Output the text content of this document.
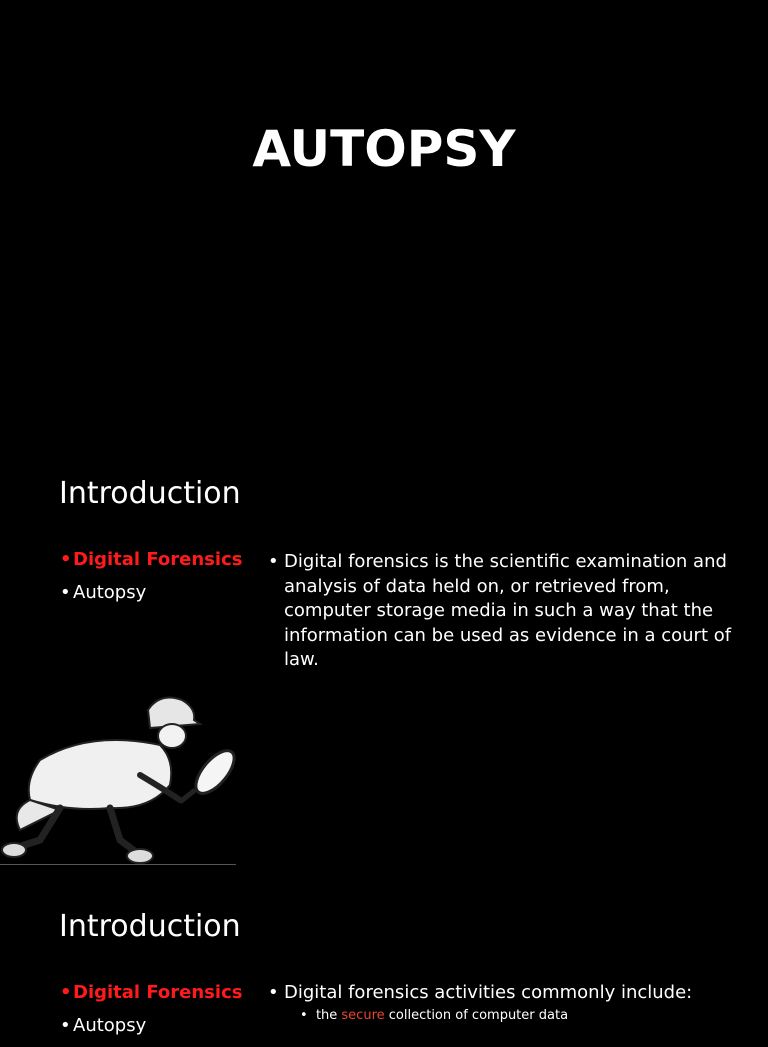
AUTOPSY
Introduction
•Digital Forensics
• Autopsy
• Digital forensics is the scientific examination and analysis of data held on, or retrieved from, computer storage media in such a way that the information can be used as evidence in a court of law.
Introduction
•Digital Forensics
• Autopsy
• Digital forensics activities commonly include:
•  the secure collection of computer data
